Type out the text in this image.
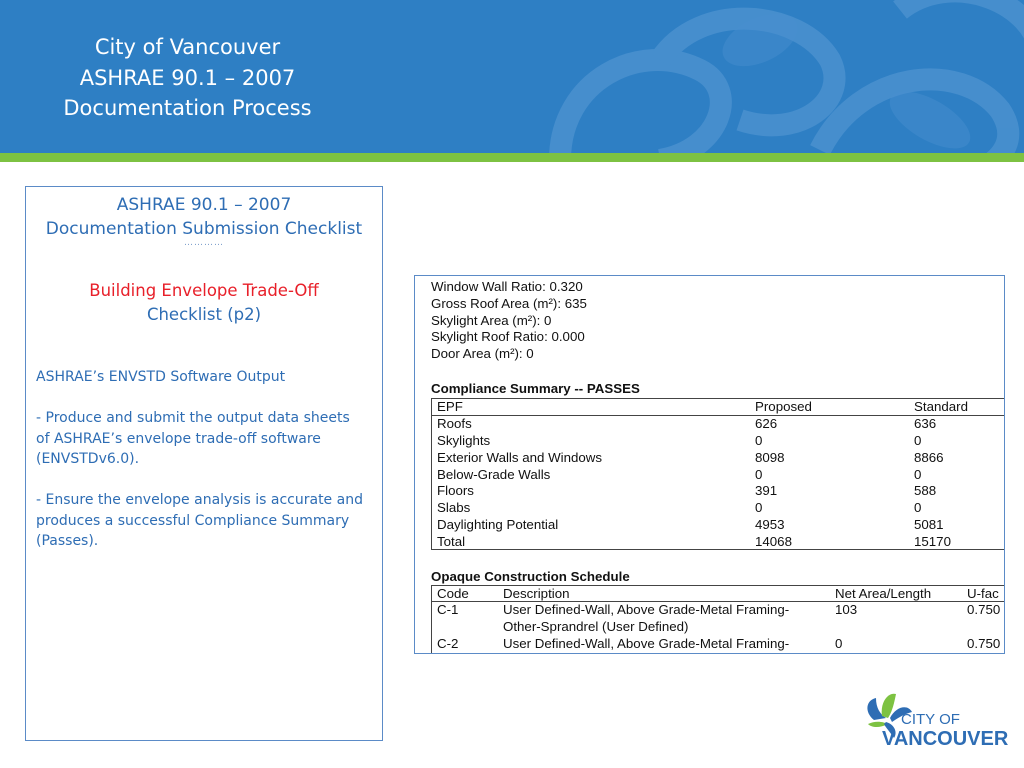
City of Vancouver
ASHRAE 90.1 – 2007
Documentation Process
ASHRAE 90.1 – 2007
Documentation Submission Checklist
…………
Building Envelope Trade-Off
Checklist (p2)

ASHRAE’s ENVSTD Software Output

- Produce and submit the output data sheets of ASHRAE’s envelope trade-off software (ENVSTDv6.0).

- Ensure the envelope analysis is accurate and produces a successful Compliance Summary (Passes).

Window Wall Ratio: 0.320
Gross Roof Area (m²): 635
Skylight Area (m²): 0
Skylight Roof Ratio: 0.000
Door Area (m²): 0
Compliance Summary -- PASSES
EPF	Proposed	Standard
Roofs	626	636
Skylights	0	0
Exterior Walls and Windows	8098	8866
Below-Grade Walls	0	0
Floors	391	588
Slabs	0	0
Daylighting Potential	4953	5081
Total	14068	15170
Opaque Construction Schedule
Code	Description	Net Area/Length	U-fac
C-1	User Defined-Wall, Above Grade-Metal Framing-	103	0.750
Other-Sprandrel (User Defined)
C-2	User Defined-Wall, Above Grade-Metal Framing-	0	0.750
CITY OF
VANCOUVER
